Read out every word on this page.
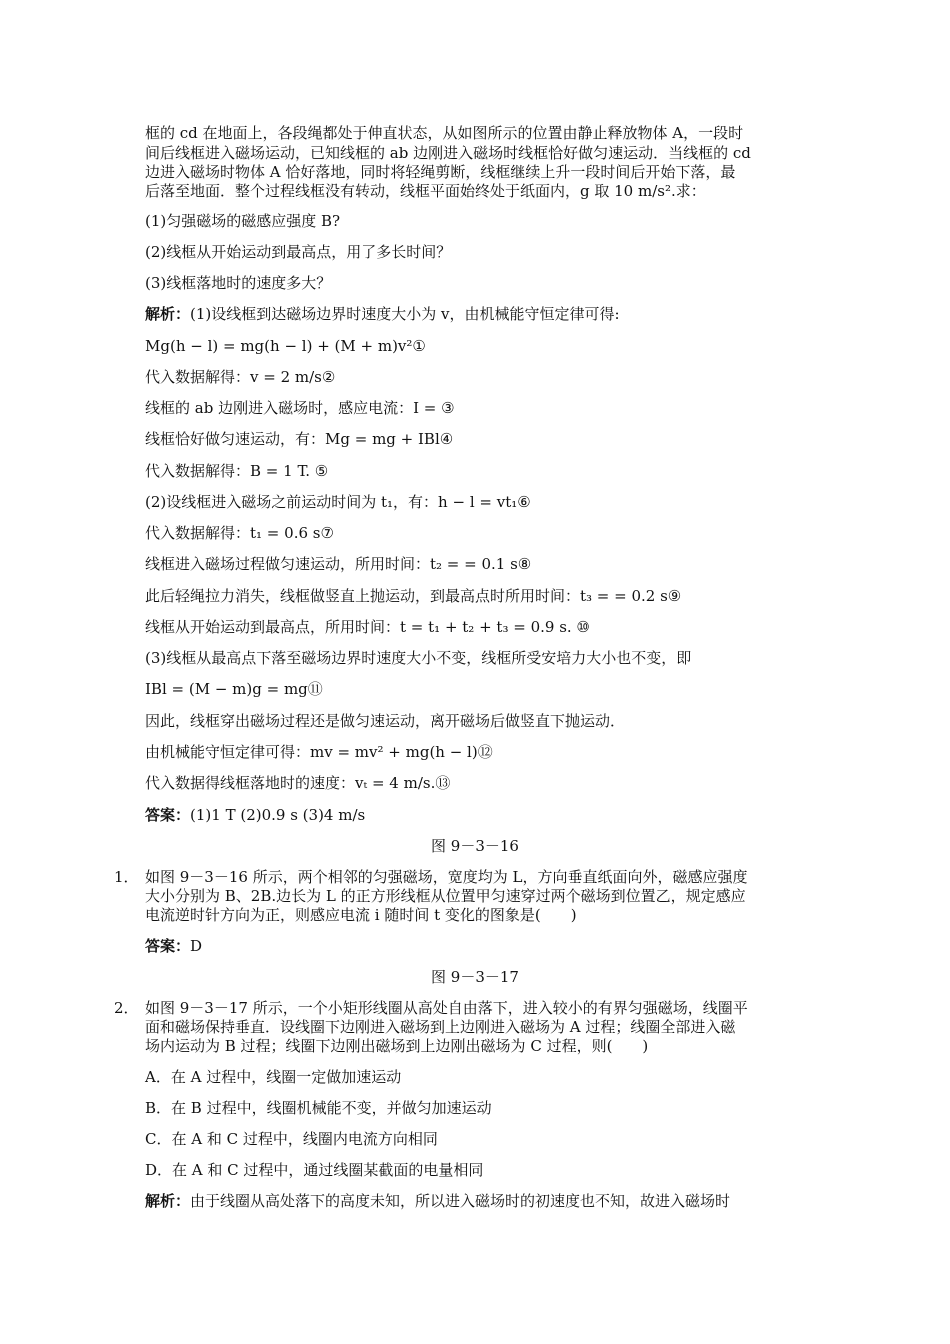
框的 cd 在地面上，各段绳都处于伸直状态，从如图所示的位置由静止释放物体 A，一段时
间后线框进入磁场运动，已知线框的 ab 边刚进入磁场时线框恰好做匀速运动．当线框的 cd
边进入磁场时物体 A 恰好落地，同时将轻绳剪断，线框继续上升一段时间后开始下落，最
后落至地面．整个过程线框没有转动，线框平面始终处于纸面内，g 取 10 m/s².求：
(1)匀强磁场的磁感应强度 B?
(2)线框从开始运动到最高点，用了多长时间？
(3)线框落地时的速度多大？
解析：(1)设线框到达磁场边界时速度大小为 v，由机械能守恒定律可得:
Mg(h − l) = mg(h − l) + (M + m)v²①
代入数据解得：v = 2 m/s②
线框的 ab 边刚进入磁场时，感应电流：I = ③
线框恰好做匀速运动，有：Mg = mg + IBl④
代入数据解得：B = 1 T. ⑤
(2)设线框进入磁场之前运动时间为 t₁，有：h − l = vt₁⑥
代入数据解得：t₁ = 0.6 s⑦
线框进入磁场过程做匀速运动，所用时间：t₂ = = 0.1 s⑧
此后轻绳拉力消失，线框做竖直上抛运动，到最高点时所用时间：t₃ = = 0.2 s⑨
线框从开始运动到最高点，所用时间：t = t₁ + t₂ + t₃ = 0.9 s. ⑩
(3)线框从最高点下落至磁场边界时速度大小不变，线框所受安培力大小也不变，即
IBl = (M − m)g = mg⑪
因此，线框穿出磁场过程还是做匀速运动，离开磁场后做竖直下抛运动．
由机械能守恒定律可得：mv = mv² + mg(h − l)⑫
代入数据得线框落地时的速度：vₜ = 4 m/s.⑬
答案：(1)1 T (2)0.9 s (3)4 m/s
图 9－3－16
1． 如图 9－3－16 所示，两个相邻的匀强磁场，宽度均为 L，方向垂直纸面向外，磁感应强度
大小分别为 B、2B.边长为 L 的正方形线框从位置甲匀速穿过两个磁场到位置乙，规定感应
电流逆时针方向为正，则感应电流 i 随时间 t 变化的图象是(　　)
答案：D
图 9－3－17
2． 如图 9－3－17 所示，一个小矩形线圈从高处自由落下，进入较小的有界匀强磁场，线圈平
面和磁场保持垂直．设线圈下边刚进入磁场到上边刚进入磁场为 A 过程；线圈全部进入磁
场内运动为 B 过程；线圈下边刚出磁场到上边刚出磁场为 C 过程，则(　　)
A．在 A 过程中，线圈一定做加速运动
B．在 B 过程中，线圈机械能不变，并做匀加速运动
C．在 A 和 C 过程中，线圈内电流方向相同
D．在 A 和 C 过程中，通过线圈某截面的电量相同
解析：由于线圈从高处落下的高度未知，所以进入磁场时的初速度也不知，故进入磁场时
